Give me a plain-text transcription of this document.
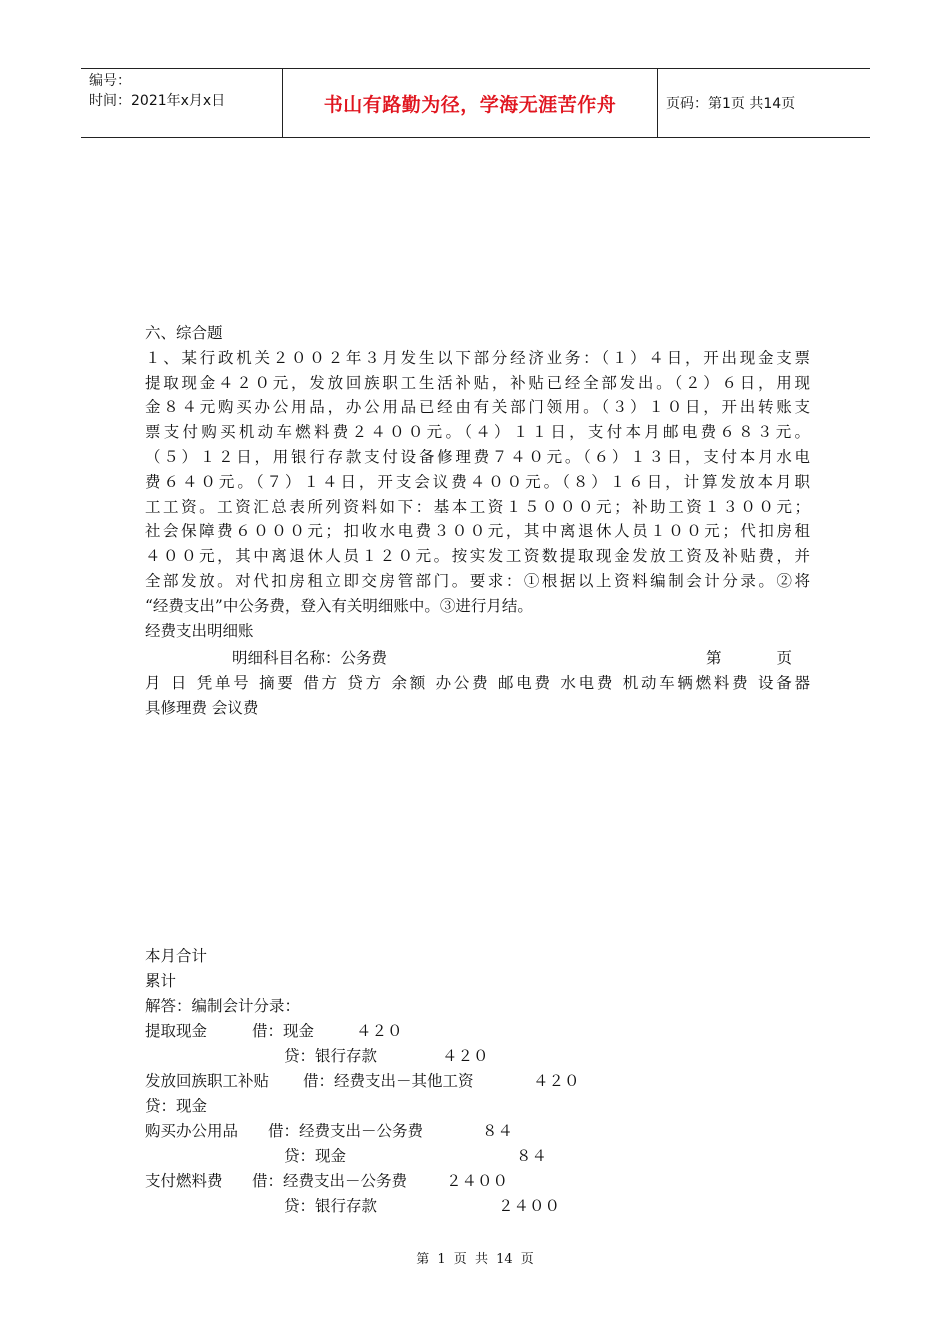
编号：
时间：2021年x月x日	书山有路勤为径，学海无涯苦作舟	页码：第1页 共14页
六、综合题
１、某行政机关２００２年３月发生以下部分经济业务：（１）４日，开出现金支票
提取现金４２０元，发放回族职工生活补贴，补贴已经全部发出。（２）６日，用现
金８４元购买办公用品，办公用品已经由有关部门领用。（３）１０日，开出转账支
票支付购买机动车燃料费２４００元。（４）１１日，支付本月邮电费６８３元。
（５）１２日，用银行存款支付设备修理费７４０元。（６）１３日，支付本月水电
费６４０元。（７）１４日，开支会议费４００元。（８）１６日，计算发放本月职
工工资。工资汇总表所列资料如下：基本工资１５０００元；补助工资１３００元；
社会保障费６０００元；扣收水电费３００元，其中离退休人员１００元；代扣房租
４００元，其中离退休人员１２０元。按实发工资数提取现金发放工资及补贴费，并
全部发放。对代扣房租立即交房管部门。要求：①根据以上资料编制会计分录。②将
“经费支出”中公务费，登入有关明细账中。③进行月结。
经费支出明细账
明细科目名称：公务费	第	页
月 日 凭单号 摘要 借方 贷方 余额 办公费 邮电费 水电费 机动车辆燃料费 设备器
具修理费 会议费
本月合计
累计
解答：编制会计分录：
提取现金	借：现金	４２０
贷：银行存款	４２０
发放回族职工补贴 借：经费支出－其他工资	４２０
贷：现金
购买办公用品 借：经费支出－公务费	８４
贷：现金	８４
支付燃料费 借：经费支出－公务费	２４００
贷：银行存款	２４００
第 1 页 共 14 页
